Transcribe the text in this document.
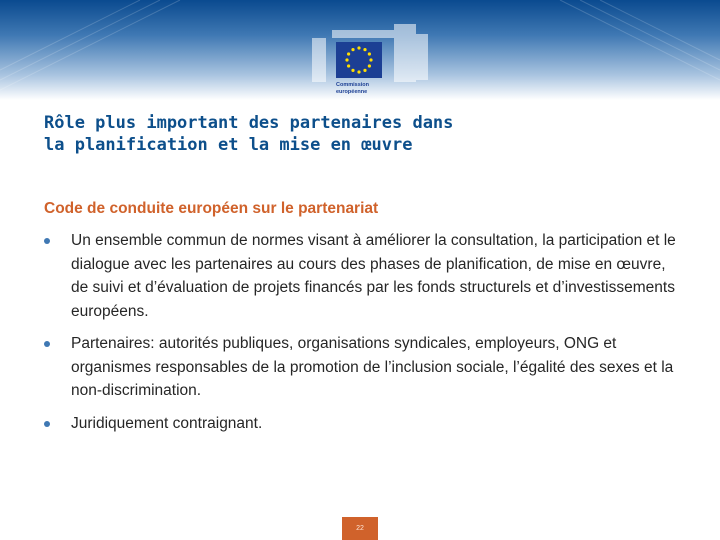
Commission
européenne
Rôle plus important des partenaires dans
la planification et la mise en œuvre
Code de conduite européen sur le partenariat
Un ensemble commun de normes visant à améliorer la consultation, la participation et le dialogue avec les partenaires au cours des phases de planification, de mise en œuvre, de suivi et d’évaluation de projets financés par les fonds structurels et d’investissements européens.
Partenaires: autorités publiques, organisations syndicales, employeurs, ONG et organismes responsables de la promotion de l’inclusion sociale, l’égalité des sexes et la non-discrimination.
Juridiquement contraignant.
22
